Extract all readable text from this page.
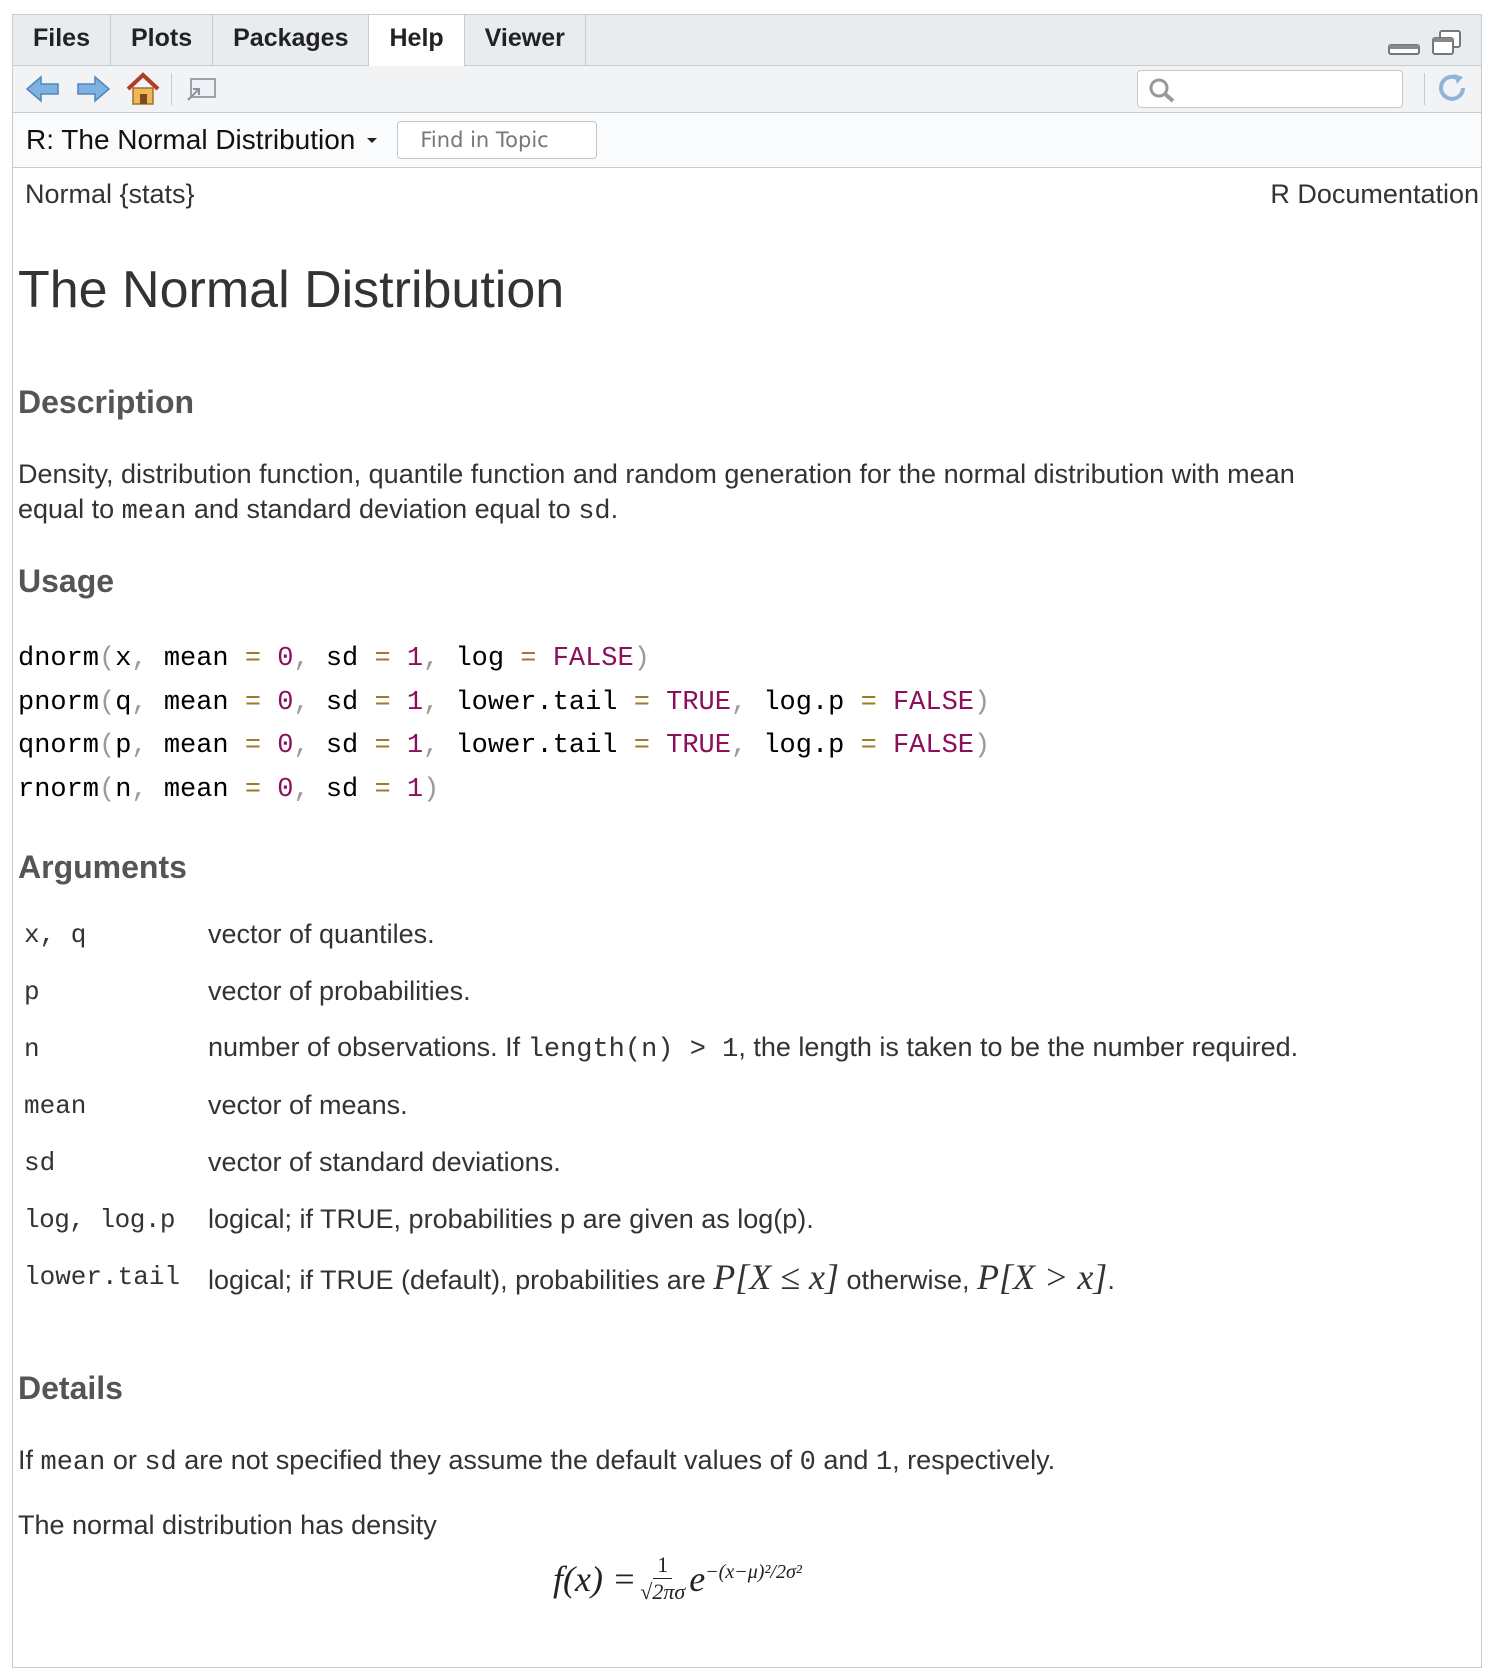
Files	Plots	Packages	Help	Viewer
R: The Normal Distribution	Find in Topic
Normal {stats}	R Documentation
The Normal Distribution
Description
Density, distribution function, quantile function and random generation for the normal distribution with mean
equal to mean and standard deviation equal to sd.
Usage
dnorm(x, mean = 0, sd = 1, log = FALSE)
pnorm(q, mean = 0, sd = 1, lower.tail = TRUE, log.p = FALSE)
qnorm(p, mean = 0, sd = 1, lower.tail = TRUE, log.p = FALSE)
rnorm(n, mean = 0, sd = 1)
Arguments
x, q	vector of quantiles.
p	vector of probabilities.
n	number of observations. If length(n) > 1, the length is taken to be the number required.
mean	vector of means.
sd	vector of standard deviations.
log, log.p	logical; if TRUE, probabilities p are given as log(p).
lower.tail	logical; if TRUE (default), probabilities are P[X ≤ x] otherwise, P[X > x].
Details
If mean or sd are not specified they assume the default values of 0 and 1, respectively.
The normal distribution has density
$f(x) = \frac{1}{√2\pi\sigma}$ e −(x−μ)²/2σ²
